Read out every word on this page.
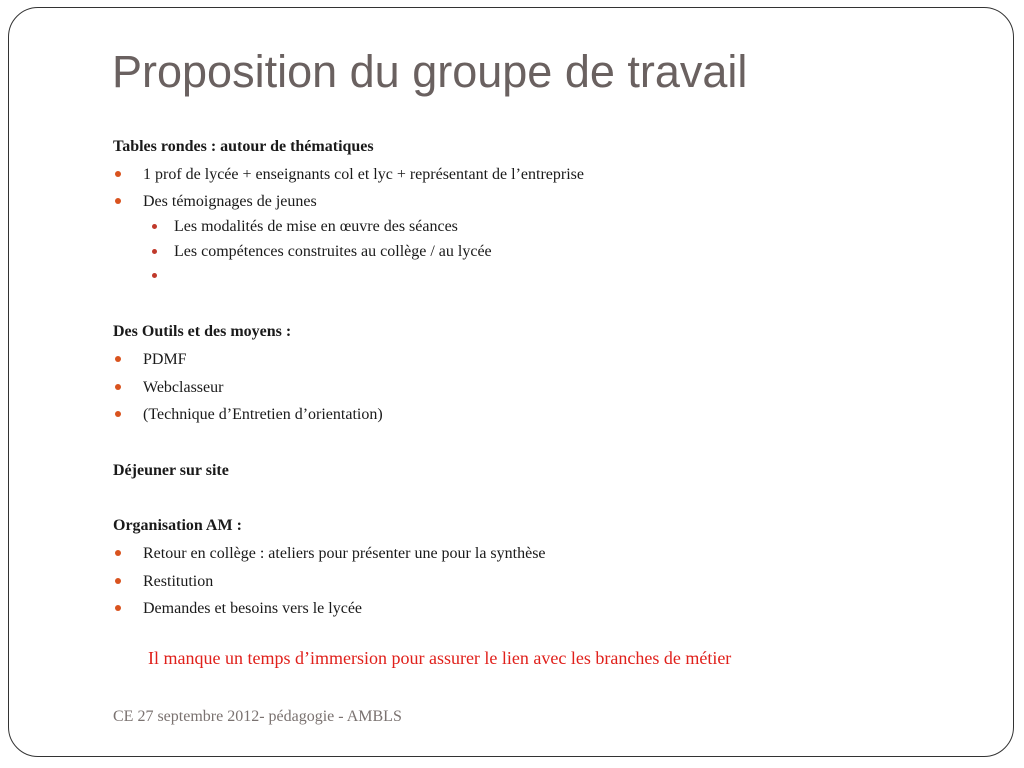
Proposition du groupe de travail
Tables rondes : autour de thématiques
1 prof de lycée + enseignants col et lyc + représentant de l’entreprise
Des témoignages de jeunes
Les modalités de mise en œuvre des séances
Les compétences construites au collège / au lycée
Des Outils et des moyens :
PDMF
Webclasseur
(Technique d’Entretien d’orientation)
Déjeuner sur site
Organisation AM :
Retour en collège : ateliers pour présenter une pour la synthèse
Restitution
Demandes et besoins vers le lycée
Il manque un temps d’immersion pour assurer le lien avec les branches de métier
CE 27 septembre 2012- pédagogie - AMBLS
